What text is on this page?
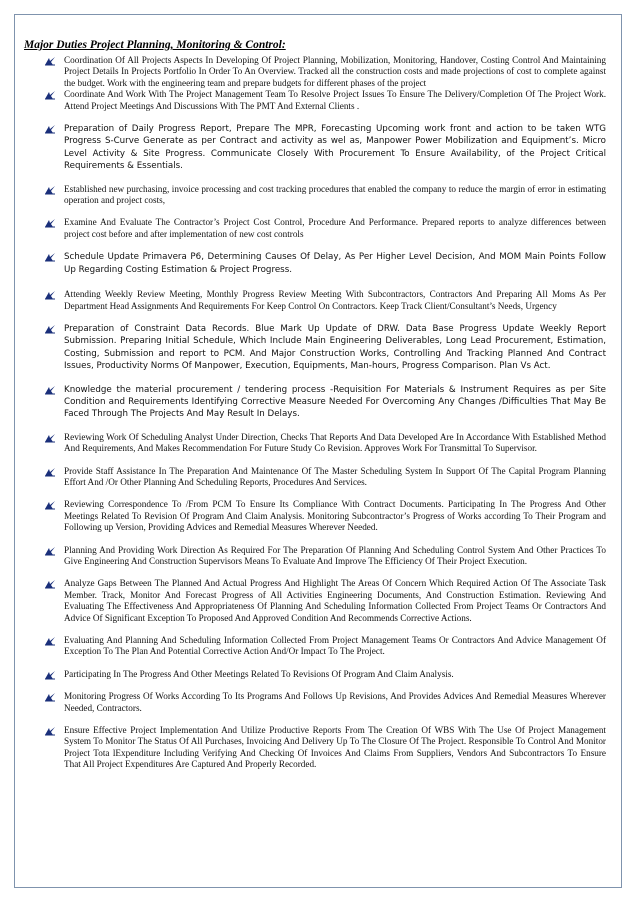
Major Duties Project Planning, Monitoring & Control:
Coordination Of All Projects Aspects In Developing Of Project Planning, Mobilization, Monitoring, Handover, Costing Control And Maintaining Project Details In Projects Portfolio In Order To An Overview. Tracked all the construction costs and made projections of cost to complete against the budget. Work with the engineering team and prepare budgets for different phases of the project
Coordinate And Work With The Project Management Team To Resolve Project Issues To Ensure The Delivery/Completion Of The Project Work. Attend Project Meetings And Discussions With The PMT And External Clients .
Preparation of Daily Progress Report, Prepare The MPR, Forecasting Upcoming work front and action to be taken WTG Progress S-Curve Generate as per Contract and activity as wel as, Manpower Power Mobilization and Equipment’s. Micro Level Activity & Site Progress. Communicate Closely With Procurement To Ensure Availability, of the Project Critical Requirements & Essentials.
Established new purchasing, invoice processing and cost tracking procedures that enabled the company to reduce the margin of error in estimating operation and project costs,
Examine And Evaluate The Contractor’s Project Cost Control, Procedure And Performance. Prepared reports to analyze differences between project cost before and after implementation of new cost controls
Schedule Update Primavera P6, Determining Causes Of Delay, As Per Higher Level Decision, And MOM Main Points Follow Up Regarding Costing Estimation & Project Progress.
Attending Weekly Review Meeting, Monthly Progress Review Meeting With Subcontractors, Contractors And Preparing All Moms As Per Department Head Assignments And Requirements For Keep Control On Contractors. Keep Track Client/Consultant’s Needs, Urgency
Preparation of Constraint Data Records. Blue Mark Up Update of DRW. Data Base Progress Update Weekly Report Submission. Preparing Initial Schedule, Which Include Main Engineering Deliverables, Long Lead Procurement, Estimation, Costing, Submission and report to PCM. And Major Construction Works, Controlling And Tracking Planned And Contract Issues, Productivity Norms Of Manpower, Execution, Equipments, Man-hours, Progress Comparison. Plan Vs Act.
Knowledge the material procurement / tendering process -Requisition For Materials & Instrument Requires as per Site Condition and Requirements Identifying Corrective Measure Needed For Overcoming Any Changes /Difficulties That May Be Faced Through The Projects And May Result In Delays.
Reviewing Work Of Scheduling Analyst Under Direction, Checks That Reports And Data Developed Are In Accordance With Established Method And Requirements, And Makes Recommendation For Future Study Co Revision. Approves Work For Transmittal To Supervisor.
Provide Staff Assistance In The Preparation And Maintenance Of The Master Scheduling System In Support Of The Capital Program Planning Effort And /Or Other Planning And Scheduling Reports, Procedures And Services.
Reviewing Correspondence To /From PCM To Ensure Its Compliance With Contract Documents. Participating In The Progress And Other Meetings Related To Revision Of Program And Claim Analysis. Monitoring Subcontractor’s Progress of Works according To Their Program and Following up Version, Providing Advices and Remedial Measures Wherever Needed.
Planning And Providing Work Direction As Required For The Preparation Of Planning And Scheduling Control System And Other Practices To Give Engineering And Construction Supervisors Means To Evaluate And Improve The Efficiency Of Their Project Execution.
Analyze Gaps Between The Planned And Actual Progress And Highlight The Areas Of Concern Which Required Action Of The Associate Task Member. Track, Monitor And Forecast Progress of All Activities Engineering Documents, And Construction Estimation. Reviewing And Evaluating The Effectiveness And Appropriateness Of Planning And Scheduling Information Collected From Project Teams Or Contractors And Advice Of Significant Exception To Proposed And Approved Condition And Recommends Corrective Actions.
Evaluating And Planning And Scheduling Information Collected From Project Management Teams Or Contractors And Advice Management Of Exception To The Plan And Potential Corrective Action And/Or Impact To The Project.
Participating In The Progress And Other Meetings Related To Revisions Of Program And Claim Analysis.
Monitoring Progress Of Works According To Its Programs And Follows Up Revisions, And Provides Advices And Remedial Measures Wherever Needed, Contractors.
Ensure Effective Project Implementation And Utilize Productive Reports From The Creation Of WBS With The Use Of Project Management System To Monitor The Status Of All Purchases, Invoicing And Delivery Up To The Closure Of The Project. Responsible To Control And Monitor Project Tota lExpenditure Including Verifying And Checking Of Invoices And Claims From Suppliers, Vendors And Subcontractors To Ensure That All Project Expenditures Are Captured And Properly Recorded.
